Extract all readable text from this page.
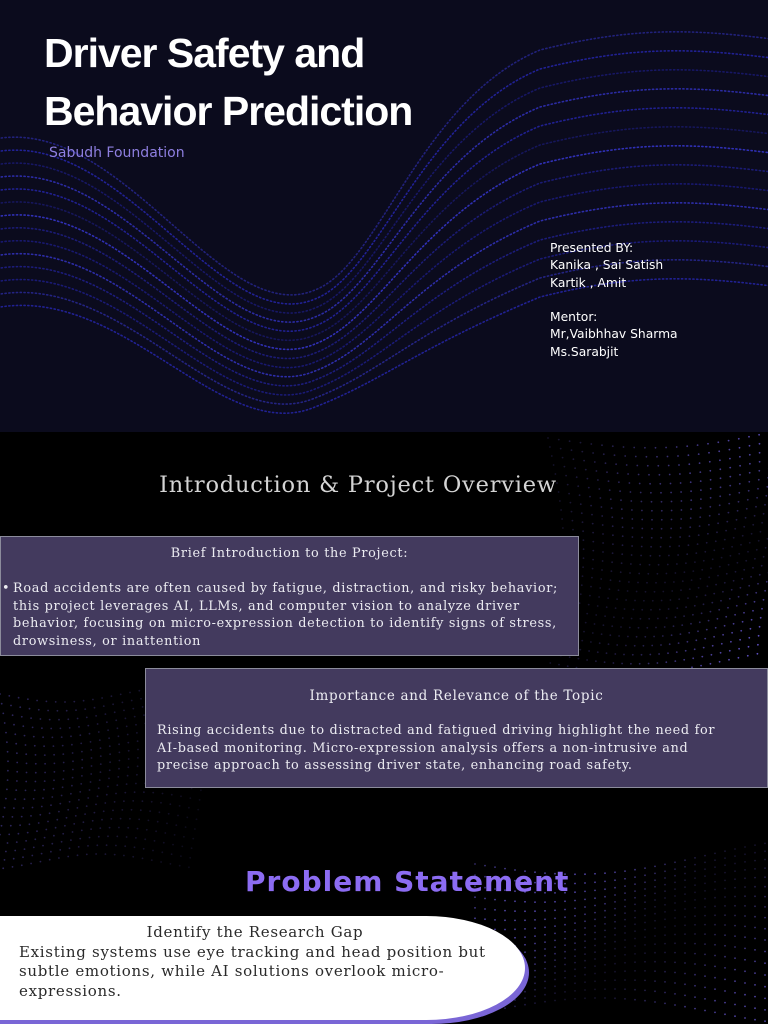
Driver Safety and
Behavior Prediction
Sabudh Foundation
Presented BY:
Kanika , Sai Satish
Kartik , Amit
Mentor:
Mr,Vaibhhav Sharma
Ms.Sarabjit
Introduction & Project Overview
Brief Introduction to the Project:
• Road accidents are often caused by fatigue, distraction, and risky behavior;
this project leverages AI, LLMs, and computer vision to analyze driver
behavior, focusing on micro-expression detection to identify signs of stress,
drowsiness, or inattention
Importance and Relevance of the Topic
Rising accidents due to distracted and fatigued driving highlight the need for
AI-based monitoring. Micro-expression analysis offers a non-intrusive and
precise approach to assessing driver state, enhancing road safety.
Problem Statement
Identify the Research Gap
Existing systems use eye tracking and head position but
subtle emotions, while AI solutions overlook micro-
expressions.
